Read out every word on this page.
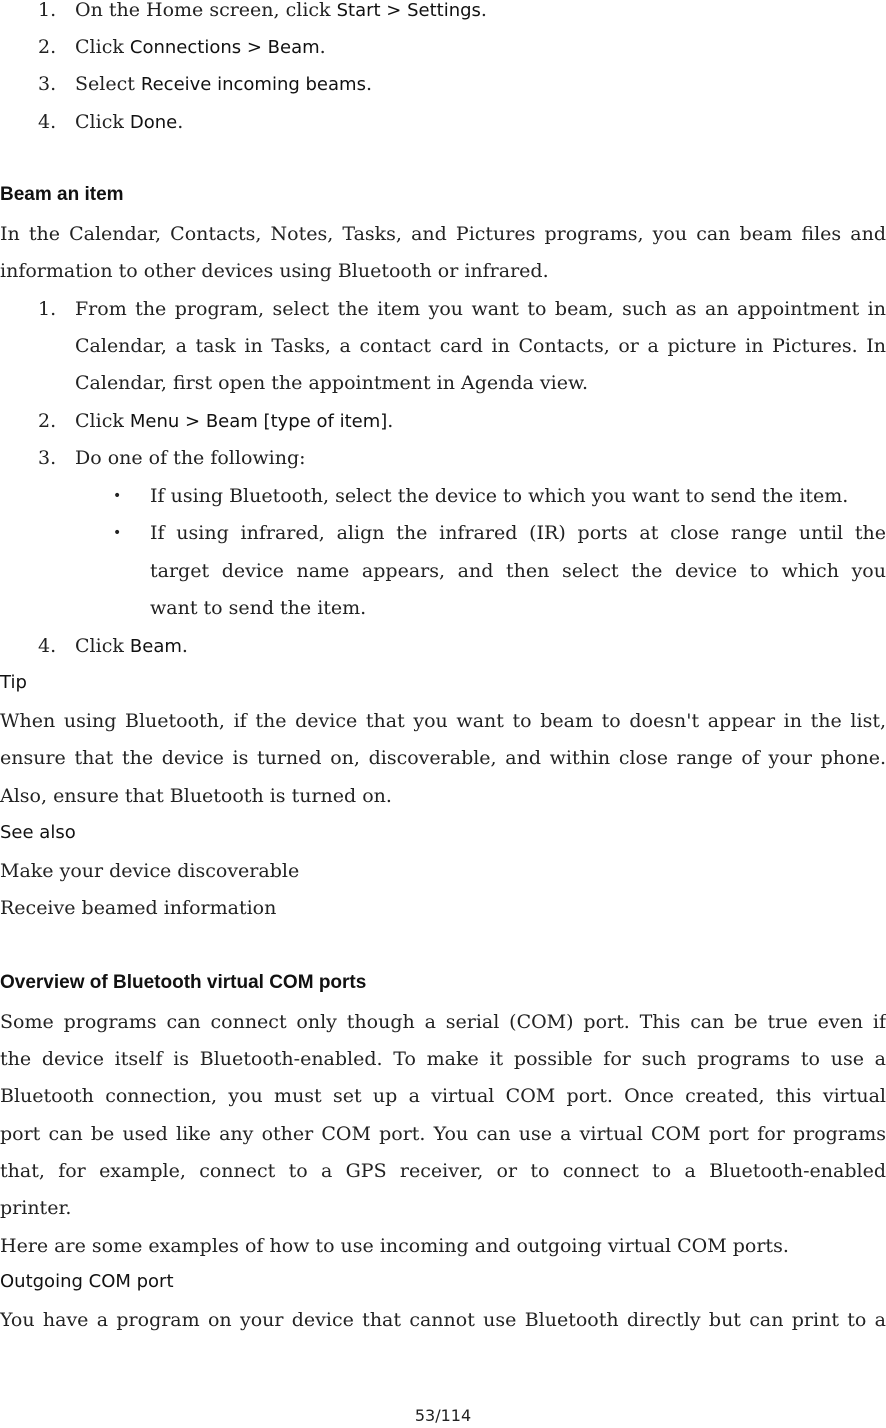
1. On the Home screen, click Start > Settings.
2. Click Connections > Beam.
3. Select Receive incoming beams.
4. Click Done.
Beam an item
In the Calendar, Contacts, Notes, Tasks, and Pictures programs, you can beam files and
information to other devices using Bluetooth or infrared.
1. From the program, select the item you want to beam, such as an appointment in
Calendar, a task in Tasks, a contact card in Contacts, or a picture in Pictures. In
Calendar, first open the appointment in Agenda view.
2. Click Menu > Beam [type of item].
3. Do one of the following:
• If using Bluetooth, select the device to which you want to send the item.
• If using infrared, align the infrared (IR) ports at close range until the
target device name appears, and then select the device to which you
want to send the item.
4. Click Beam.
Tip
When using Bluetooth, if the device that you want to beam to doesn't appear in the list,
ensure that the device is turned on, discoverable, and within close range of your phone.
Also, ensure that Bluetooth is turned on.
See also
Make your device discoverable
Receive beamed information
Overview of Bluetooth virtual COM ports
Some programs can connect only though a serial (COM) port. This can be true even if
the device itself is Bluetooth-enabled. To make it possible for such programs to use a
Bluetooth connection, you must set up a virtual COM port. Once created, this virtual
port can be used like any other COM port. You can use a virtual COM port for programs
that, for example, connect to a GPS receiver, or to connect to a Bluetooth-enabled
printer.
Here are some examples of how to use incoming and outgoing virtual COM ports.
Outgoing COM port
You have a program on your device that cannot use Bluetooth directly but can print to a
53/114
